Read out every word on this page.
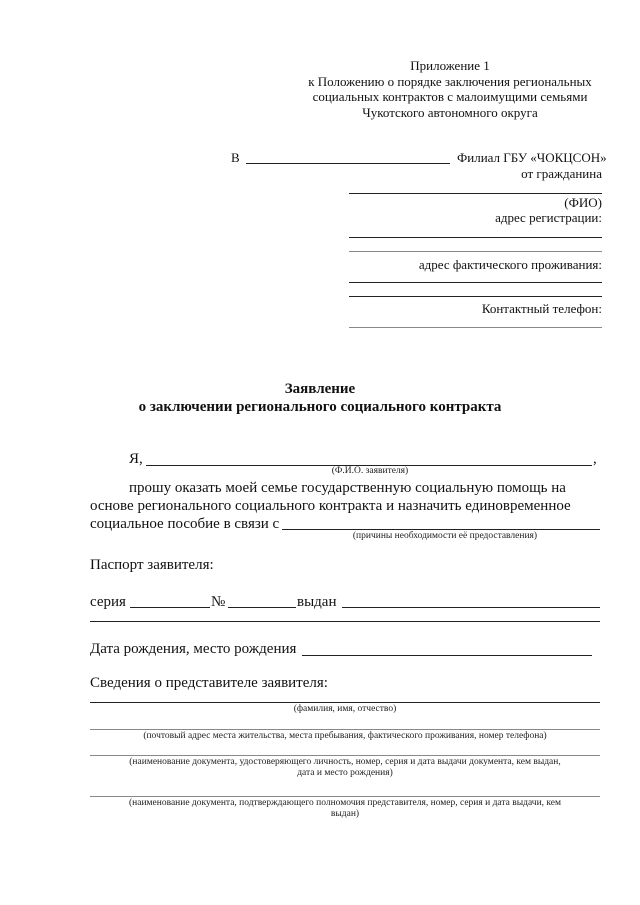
Приложение 1
к Положению о порядке заключения региональных
социальных контрактов с малоимущими семьями
Чукотского автономного округа
В	Филиал ГБУ «ЧОКЦСОН»
от гражданина
(ФИО)
адрес регистрации:
адрес фактического проживания:
Контактный телефон:
Заявление
о заключении регионального социального контракта
Я,	,
(Ф.И.О. заявителя)
прошу оказать моей семье государственную социальную помощь на
основе регионального социального контракта и назначить единовременное
социальное пособие в связи с
(причины необходимости её предоставления)
Паспорт заявителя:
серия	№	выдан
Дата рождения, место рождения
Сведения о представителе заявителя:
(фамилия, имя, отчество)
(почтовый адрес места жительства, места пребывания, фактического проживания, номер телефона)
(наименование документа, удостоверяющего личность, номер, серия и дата выдачи документа, кем выдан,
дата и место рождения)
(наименование документа, подтверждающего полномочия представителя, номер, серия и дата выдачи, кем
выдан)
